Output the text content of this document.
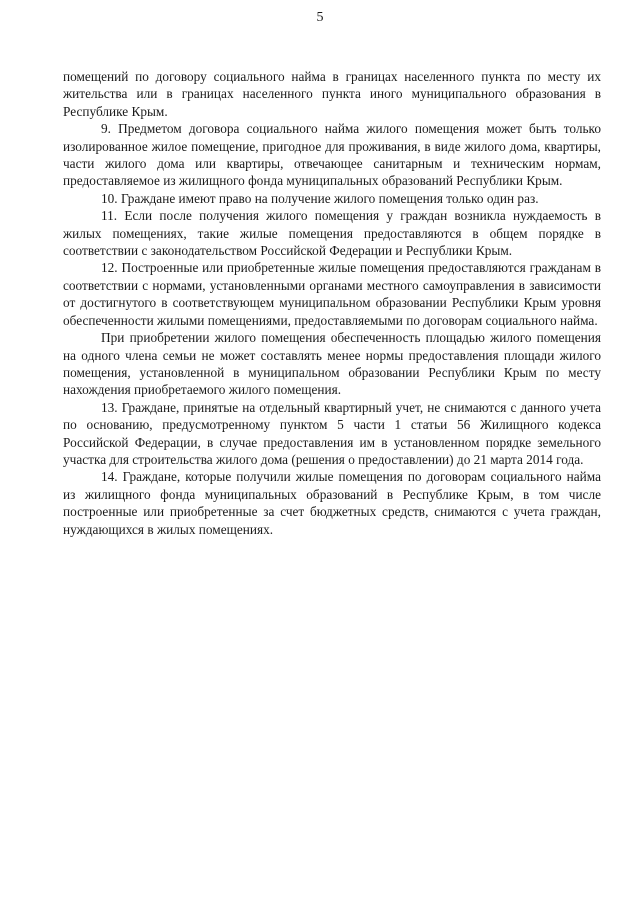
5

помещений по договору социального найма в границах населенного пункта по месту их жительства или в границах населенного пункта иного муниципального образования в Республике Крым.

9. Предметом договора социального найма жилого помещения может быть только изолированное жилое помещение, пригодное для проживания, в виде жилого дома, квартиры, части жилого дома или квартиры, отвечающее санитарным и техническим нормам, предоставляемое из жилищного фонда муниципальных образований Республики Крым.

10. Граждане имеют право на получение жилого помещения только один раз.

11. Если после получения жилого помещения у граждан возникла нуждаемость в жилых помещениях, такие жилые помещения предоставляются в общем порядке в соответствии с законодательством Российской Федерации и Республики Крым.

12. Построенные или приобретенные жилые помещения предоставляются гражданам в соответствии с нормами, установленными органами местного самоуправления в зависимости от достигнутого в соответствующем муниципальном образовании Республики Крым уровня обеспеченности жилыми помещениями, предоставляемыми по договорам социального найма.

При приобретении жилого помещения обеспеченность площадью жилого помещения на одного члена семьи не может составлять менее нормы предоставления площади жилого помещения, установленной в муниципальном образовании Республики Крым по месту нахождения приобретаемого жилого помещения.

13. Граждане, принятые на отдельный квартирный учет, не снимаются с данного учета по основанию, предусмотренному пунктом 5 части 1 статьи 56 Жилищного кодекса Российской Федерации, в случае предоставления им в установленном порядке земельного участка для строительства жилого дома (решения о предоставлении) до 21 марта 2014 года.

14. Граждане, которые получили жилые помещения по договорам социального найма из жилищного фонда муниципальных образований в Республике Крым, в том числе построенные или приобретенные за счет бюджетных средств, снимаются с учета граждан, нуждающихся в жилых помещениях.
